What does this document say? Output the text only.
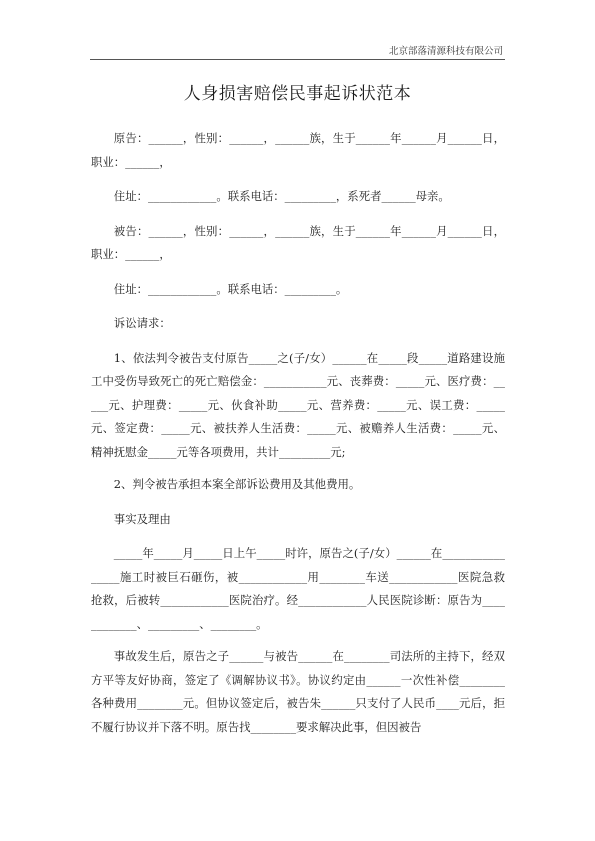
北京部落清源科技有限公司
人身损害赔偿民事起诉状范本

原告：______，性别：______，______族，生于______年______月______日，职业：______，

住址：____________。联系电话：_________，系死者______母亲。

被告：______，性别：______，______族，生于______年______月______日，职业：______，

住址：____________。联系电话：_________。

诉讼请求：

1、依法判令被告支付原告_____之(子/女）______在_____段_____道路建设施工中受伤导致死亡的死亡赔偿金：___________元、丧葬费：_____元、医疗费：_____元、护理费：_____元、伙食补助_____元、营养费：_____元、误工费：_____元、签定费：_____元、被扶养人生活费：_____元、被赡养人生活费：_____元、精神抚慰金_____元等各项费用，共计_________元;

2、判令被告承担本案全部诉讼费用及其他费用。

事实及理由

_____年_____月_____日上午_____时许，原告之(子/女）______在________________施工时被巨石砸伤，被____________用________车送____________医院急救抢救，后被转____________医院治疗。经____________人民医院诊断：原告为____________、_________、________。

事故发生后，原告之子______与被告______在________司法所的主持下，经双方平等友好协商，签定了《调解协议书》。协议约定由______一次性补偿________各种费用________元。但协议签定后，被告朱______只支付了人民币____元后，拒不履行协议并下落不明。原告找________要求解决此事，但因被告
